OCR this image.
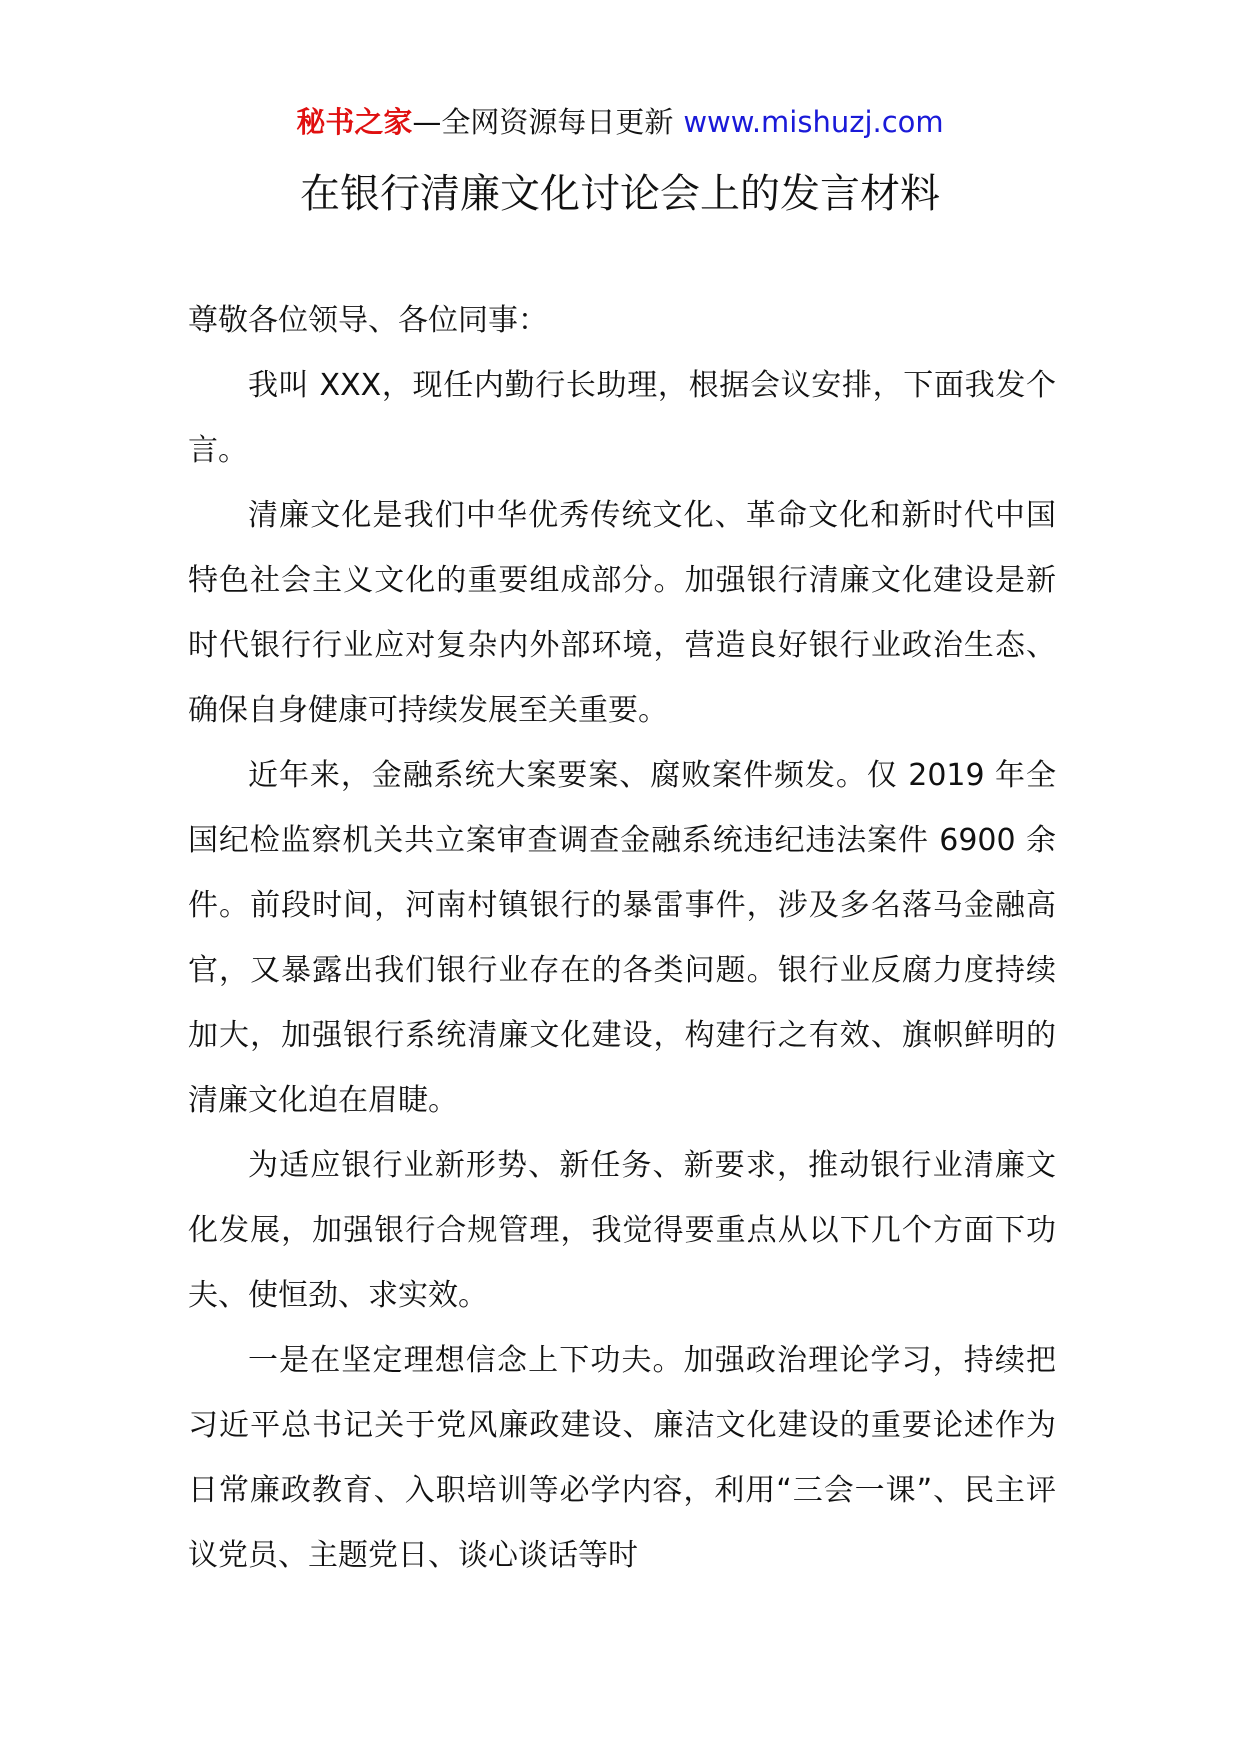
秘书之家—全网资源每日更新 www.mishuzj.com
在银行清廉文化讨论会上的发言材料

尊敬各位领导、各位同事：

我叫 XXX，现任内勤行长助理，根据会议安排，下面我发个言。

清廉文化是我们中华优秀传统文化、革命文化和新时代中国特色社会主义文化的重要组成部分。加强银行清廉文化建设是新时代银行行业应对复杂内外部环境，营造良好银行业政治生态、确保自身健康可持续发展至关重要。

近年来，金融系统大案要案、腐败案件频发。仅 2019 年全国纪检监察机关共立案审查调查金融系统违纪违法案件 6900 余件。前段时间，河南村镇银行的暴雷事件，涉及多名落马金融高官，又暴露出我们银行业存在的各类问题。银行业反腐力度持续加大，加强银行系统清廉文化建设，构建行之有效、旗帜鲜明的清廉文化迫在眉睫。

为适应银行业新形势、新任务、新要求，推动银行业清廉文化发展，加强银行合规管理，我觉得要重点从以下几个方面下功夫、使恒劲、求实效。

一是在坚定理想信念上下功夫。加强政治理论学习，持续把习近平总书记关于党风廉政建设、廉洁文化建设的重要论述作为日常廉政教育、入职培训等必学内容，利用“三会一课”、民主评议党员、主题党日、谈心谈话等时
